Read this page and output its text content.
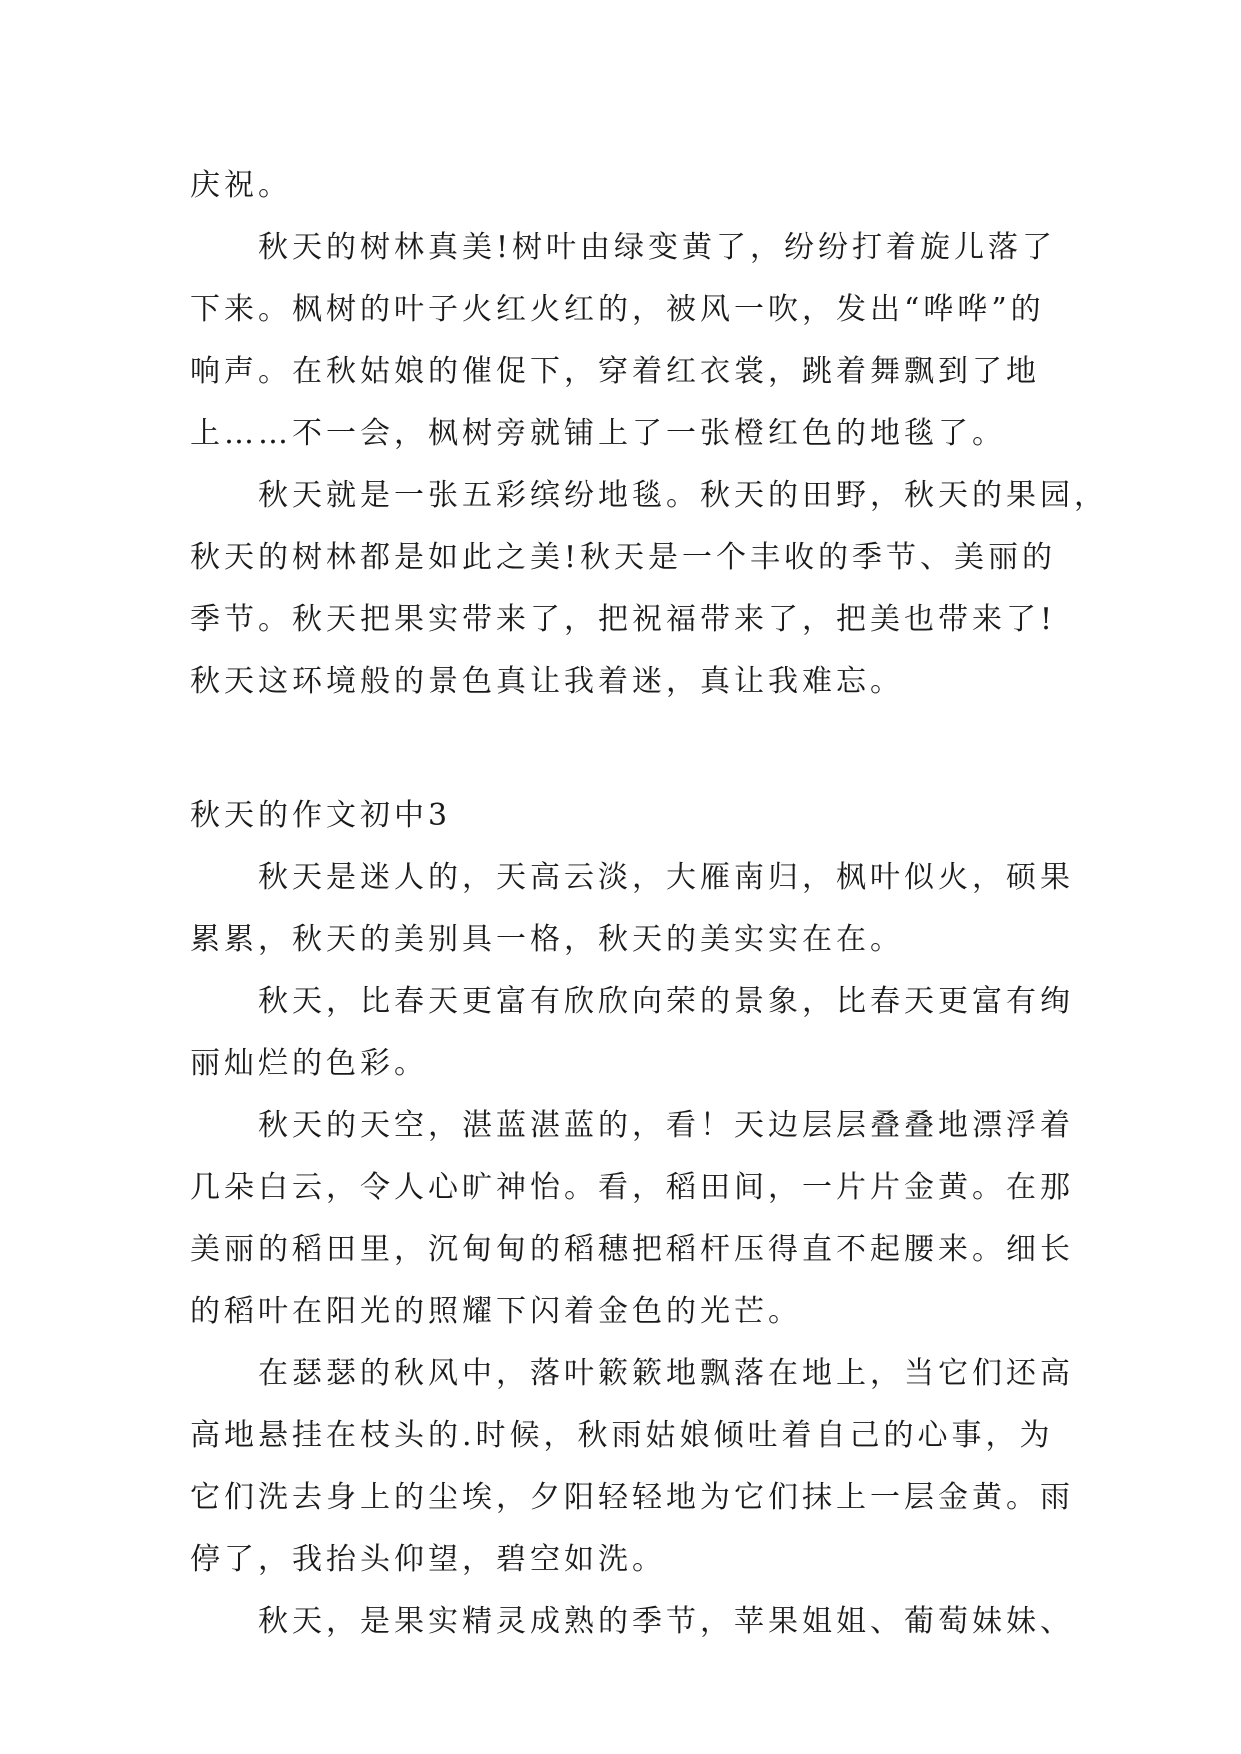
庆祝。
秋天的树林真美!树叶由绿变黄了，纷纷打着旋儿落了
下来。枫树的叶子火红火红的，被风一吹，发出“哗哗”的
响声。在秋姑娘的催促下，穿着红衣裳，跳着舞飘到了地
上……不一会，枫树旁就铺上了一张橙红色的地毯了。
秋天就是一张五彩缤纷地毯。秋天的田野，秋天的果园，
秋天的树林都是如此之美!秋天是一个丰收的季节、美丽的
季节。秋天把果实带来了，把祝福带来了，把美也带来了!
秋天这环境般的景色真让我着迷，真让我难忘。
秋天的作文初中3
秋天是迷人的，天高云淡，大雁南归，枫叶似火，硕果
累累，秋天的美别具一格，秋天的美实实在在。
秋天，比春天更富有欣欣向荣的景象，比春天更富有绚
丽灿烂的色彩。
秋天的天空，湛蓝湛蓝的，看！天边层层叠叠地漂浮着
几朵白云，令人心旷神怡。看，稻田间，一片片金黄。在那
美丽的稻田里，沉甸甸的稻穗把稻杆压得直不起腰来。细长
的稻叶在阳光的照耀下闪着金色的光芒。
在瑟瑟的秋风中，落叶簌簌地飘落在地上，当它们还高
高地悬挂在枝头的.时候，秋雨姑娘倾吐着自己的心事，为
它们洗去身上的尘埃，夕阳轻轻地为它们抹上一层金黄。雨
停了，我抬头仰望，碧空如洗。
秋天，是果实精灵成熟的季节，苹果姐姐、葡萄妹妹、
